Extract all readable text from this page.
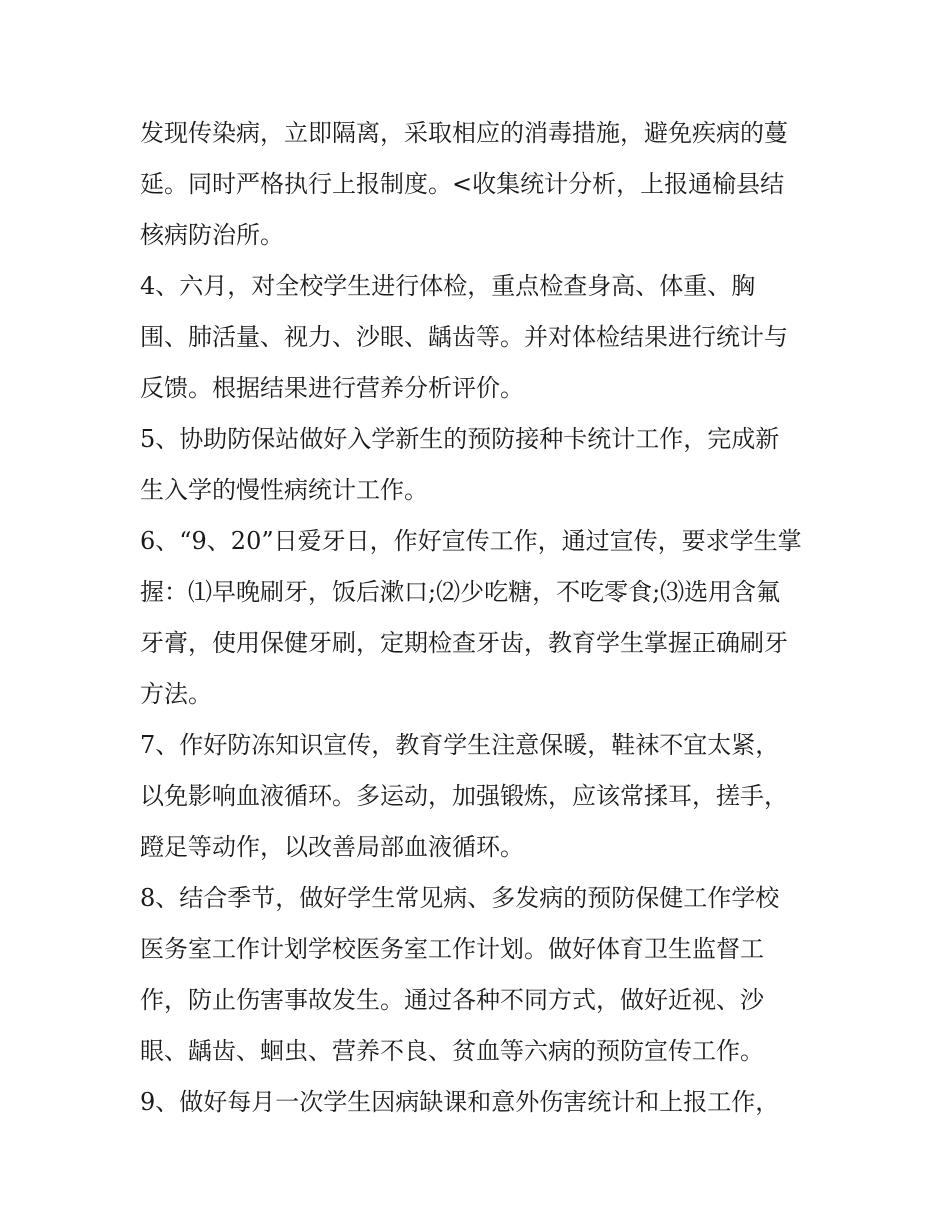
发现传染病，立即隔离，采取相应的消毒措施，避免疾病的蔓
延。同时严格执行上报制度。<收集统计分析，上报通榆县结
核病防治所。
4、六月，对全校学生进行体检，重点检查身高、体重、胸
围、肺活量、视力、沙眼、龋齿等。并对体检结果进行统计与
反馈。根据结果进行营养分析评价。
5、协助防保站做好入学新生的预防接种卡统计工作，完成新
生入学的慢性病统计工作。
6、“9、20”日爱牙日，作好宣传工作，通过宣传，要求学生掌
握：⑴早晚刷牙，饭后漱口;⑵少吃糖，不吃零食;⑶选用含氟
牙膏，使用保健牙刷，定期检查牙齿，教育学生掌握正确刷牙
方法。
7、作好防冻知识宣传，教育学生注意保暖，鞋袜不宜太紧，
以免影响血液循环。多运动，加强锻炼，应该常揉耳，搓手，
蹬足等动作，以改善局部血液循环。
8、结合季节，做好学生常见病、多发病的预防保健工作学校
医务室工作计划学校医务室工作计划。做好体育卫生监督工
作，防止伤害事故发生。通过各种不同方式，做好近视、沙
眼、龋齿、蛔虫、营养不良、贫血等六病的预防宣传工作。
9、做好每月一次学生因病缺课和意外伤害统计和上报工作，
